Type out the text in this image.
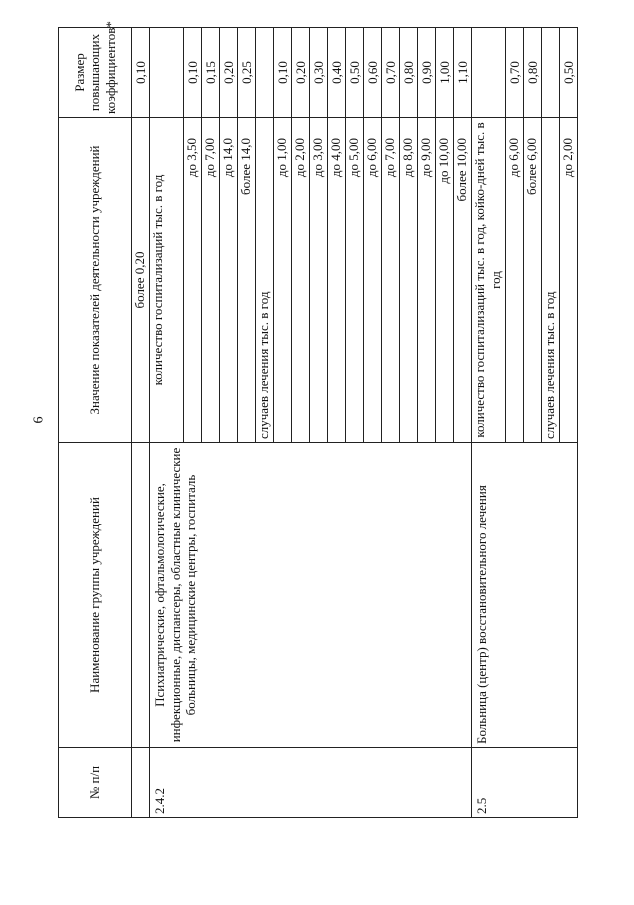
6
№ п/п	Наименование группы учреждений	Значение показателей деятельности учреждений	Размер повышающих коэффициентов*
		более 0,20	0,10
2.4.2	Психиатрические, офтальмологические, инфекционные, диспансеры, областные клинические больницы, медицинские центры, госпиталь	количество госпитализаций тыс. в год	
		до 3,50	0,10
		до 7,00	0,15
		до 14,0	0,20
		более 14,0	0,25
		случаев лечения тыс. в год	
		до 1,00	0,10
		до 2,00	0,20
		до 3,00	0,30
		до 4,00	0,40
		до 5,00	0,50
		до 6,00	0,60
		до 7,00	0,70
		до 8,00	0,80
		до 9,00	0,90
		до 10,00	1,00
		более 10,00	1,10
2.5	Больница (центр) восстановительного лечения	количество госпитализаций тыс. в год, койко-дней тыс. в год	
		до 6,00	0,70
		более 6,00	0,80
		случаев лечения тыс. в год	
		до 2,00	0,50
